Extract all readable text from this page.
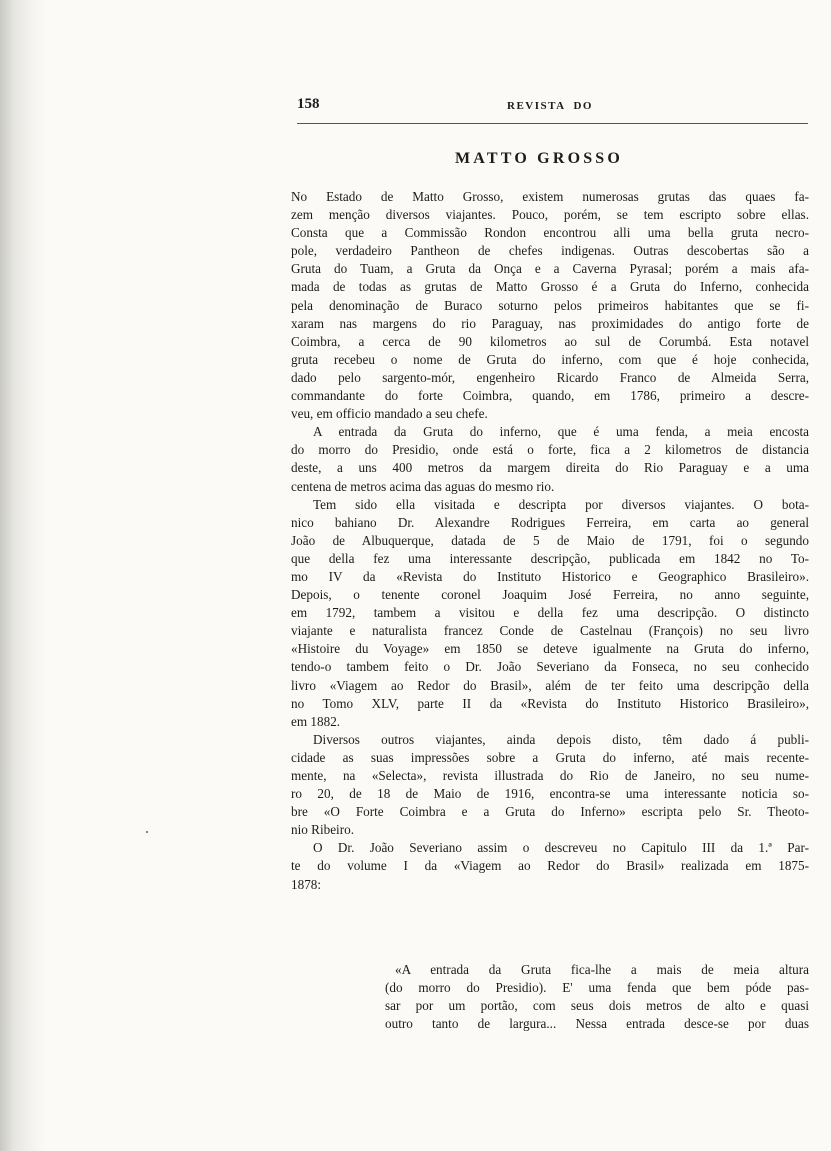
158	REVISTA  DO
MATTO GROSSO
No Estado de Matto Grosso, existem numerosas grutas das quaes fa-
zem menção diversos viajantes. Pouco, porém, se tem escripto sobre ellas.
Consta que a Commissão Rondon encontrou alli uma bella gruta necro-
pole, verdadeiro Pantheon de chefes indigenas. Outras descobertas são a
Gruta do Tuam, a Gruta da Onça e a Caverna Pyrasal; porém a mais afa-
mada de todas as grutas de Matto Grosso é a Gruta do Inferno, conhecida
pela denominação de Buraco soturno pelos primeiros habitantes que se fi-
xaram nas margens do rio Paraguay, nas proximidades do antigo forte de
Coimbra, a cerca de 90 kilometros ao sul de Corumbá. Esta notavel
gruta recebeu o nome de Gruta do inferno, com que é hoje conhecida,
dado pelo sargento-mór, engenheiro Ricardo Franco de Almeida Serra,
commandante do forte Coimbra, quando, em 1786, primeiro a descre-
veu, em officio mandado a seu chefe.
A entrada da Gruta do inferno, que é uma fenda, a meia encosta
do morro do Presidio, onde está o forte, fica a 2 kilometros de distancia
deste, a uns 400 metros da margem direita do Rio Paraguay e a uma
centena de metros acima das aguas do mesmo rio.
Tem sido ella visitada e descripta por diversos viajantes. O bota-
nico bahiano Dr. Alexandre Rodrigues Ferreira, em carta ao general
João de Albuquerque, datada de 5 de Maio de 1791, foi o segundo
que della fez uma interessante descripção, publicada em 1842 no To-
mo IV da «Revista do Instituto Historico e Geographico Brasileiro».
Depois, o tenente coronel Joaquim José Ferreira, no anno seguinte,
em 1792, tambem a visitou e della fez uma descripção. O distincto
viajante e naturalista francez Conde de Castelnau (François) no seu livro
«Histoire du Voyage» em 1850 se deteve igualmente na Gruta do inferno,
tendo-o tambem feito o Dr. João Severiano da Fonseca, no seu conhecido
livro «Viagem ao Redor do Brasil», além de ter feito uma descripção della
no Tomo XLV, parte II da «Revista do Instituto Historico Brasileiro»,
em 1882.
Diversos outros viajantes, ainda depois disto, têm dado á publi-
cidade as suas impressões sobre a Gruta do inferno, até mais recente-
mente, na «Selecta», revista illustrada do Rio de Janeiro, no seu nume-
ro 20, de 18 de Maio de 1916, encontra-se uma interessante noticia so-
bre «O Forte Coimbra e a Gruta do Inferno» escripta pelo Sr. Theoto-
nio Ribeiro.
O Dr. João Severiano assim o descreveu no Capitulo III da 1.ª Par-
te do volume I da «Viagem ao Redor do Brasil» realizada em 1875-
1878:
«A entrada da Gruta fica-lhe a mais de meia altura
(do morro do Presidio). E' uma fenda que bem póde pas-
sar por um portão, com seus dois metros de alto e quasi
outro tanto de largura... Nessa entrada desce-se por duas
